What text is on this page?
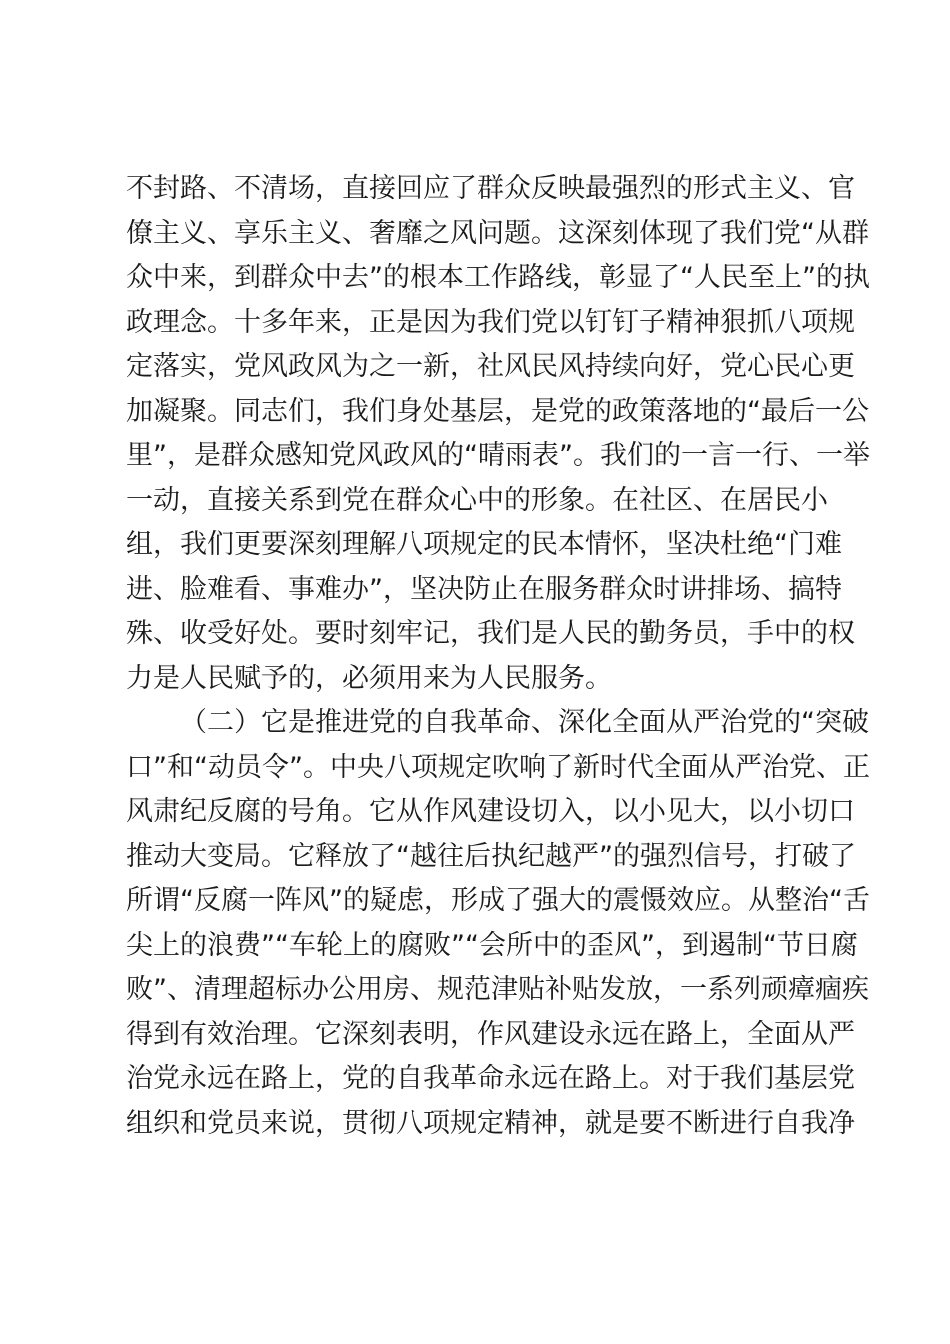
不封路、不清场，直接回应了群众反映最强烈的形式主义、官
僚主义、享乐主义、奢靡之风问题。这深刻体现了我们党“从群
众中来，到群众中去”的根本工作路线，彰显了“人民至上”的执
政理念。十多年来，正是因为我们党以钉钉子精神狠抓八项规
定落实，党风政风为之一新，社风民风持续向好，党心民心更
加凝聚。同志们，我们身处基层，是党的政策落地的“最后一公
里”，是群众感知党风政风的“晴雨表”。我们的一言一行、一举
一动，直接关系到党在群众心中的形象。在社区、在居民小
组，我们更要深刻理解八项规定的民本情怀，坚决杜绝“门难
进、脸难看、事难办”，坚决防止在服务群众时讲排场、搞特
殊、收受好处。要时刻牢记，我们是人民的勤务员，手中的权
力是人民赋予的，必须用来为人民服务。
（二）它是推进党的自我革命、深化全面从严治党的“突破
口”和“动员令”。中央八项规定吹响了新时代全面从严治党、正
风肃纪反腐的号角。它从作风建设切入，以小见大，以小切口
推动大变局。它释放了“越往后执纪越严”的强烈信号，打破了
所谓“反腐一阵风”的疑虑，形成了强大的震慑效应。从整治“舌
尖上的浪费”“车轮上的腐败”“会所中的歪风”，到遏制“节日腐
败”、清理超标办公用房、规范津贴补贴发放，一系列顽瘴痼疾
得到有效治理。它深刻表明，作风建设永远在路上，全面从严
治党永远在路上，党的自我革命永远在路上。对于我们基层党
组织和党员来说，贯彻八项规定精神，就是要不断进行自我净
